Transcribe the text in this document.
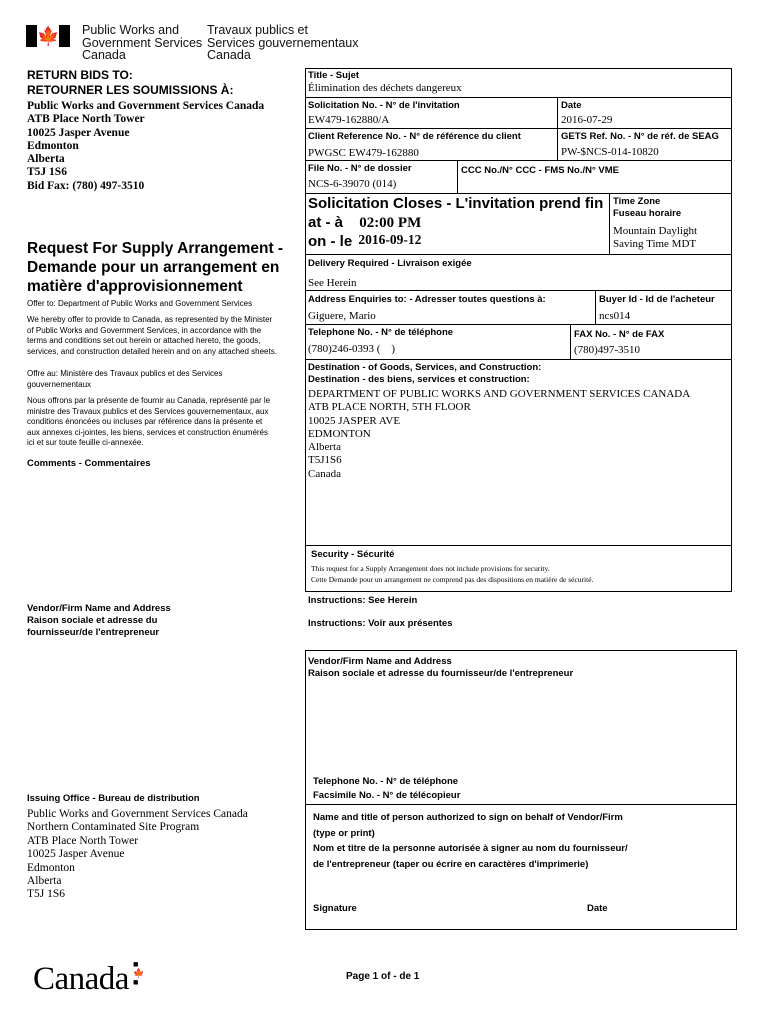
🍁 Public Works and
Government Services
Canada
Travaux publics et
Services gouvernementaux
Canada
RETURN BIDS TO:
RETOURNER LES SOUMISSIONS À:
Public Works and Government Services Canada
ATB Place North Tower
10025 Jasper Avenue
Edmonton
Alberta
T5J 1S6
Bid Fax: (780) 497-3510
Request For Supply Arrangement -
Demande pour un arrangement en
matière d'approvisionnement
Offer to: Department of Public Works and Government Services
We hereby offer to provide to Canada, as represented by the Minister
of Public Works and Government Services, in accordance with the
terms and conditions set out herein or attached hereto, the goods,
services, and construction detailed herein and on any attached sheets.
Offre au: Ministère des Travaux publics et des Services
gouvernementaux
Nous offrons par la présente de fournir au Canada, représenté par le
ministre des Travaux publics et des Services gouvernementaux, aux
conditions énoncées ou incluses par référence dans la présente et
aux annexes ci-jointes, les biens, services et construction énumérés
ici et sur toute feuille ci-annexée.
Comments - Commentaires
Vendor/Firm Name and Address
Raison sociale et adresse du
fournisseur/de l'entrepreneur
Issuing Office - Bureau de distribution
Public Works and Government Services Canada
Northern Contaminated Site Program
ATB Place North Tower
10025 Jasper Avenue
Edmonton
Alberta
T5J 1S6
Title - Sujet
Élimination des déchets dangereux
Solicitation No. - N° de l'invitation
EW479-162880/A
Date
2016-07-29
Client Reference No. - N° de référence du client
PWGSC EW479-162880
GETS Ref. No. - N° de réf. de SEAG
PW-$NCS-014-10820
File No. - N° de dossier
NCS-6-39070 (014)
CCC No./N° CCC - FMS No./N° VME
Solicitation Closes - L'invitation prend fin
at - à 02:00 PM
on - le 2016-09-12
Time Zone
Fuseau horaire
Mountain Daylight
Saving Time MDT
Delivery Required - Livraison exigée
See Herein
Address Enquiries to: - Adresser toutes questions à:
Giguere, Mario
Buyer Id - Id de l'acheteur
ncs014
Telephone No. - N° de téléphone
(780)246-0393 (    )
FAX No. - N° de FAX
(780)497-3510
Destination - of Goods, Services, and Construction:
Destination - des biens, services et construction:
DEPARTMENT OF PUBLIC WORKS AND GOVERNMENT SERVICES CANADA
ATB PLACE NORTH, 5TH FLOOR
10025 JASPER AVE
EDMONTON
Alberta
T5J1S6
Canada
Security - Sécurité
This request for a Supply Arrangement does not include provisions for security.
Cette Demande pour un arrangement ne comprend pas des dispositions en matière de sécurité.
Instructions: See Herein
Instructions: Voir aux présentes
Vendor/Firm Name and Address
Raison sociale et adresse du fournisseur/de l'entrepreneur
Telephone No. - N° de téléphone
Facsimile No. - N° de télécopieur
Name and title of person authorized to sign on behalf of Vendor/Firm
(type or print)
Nom et titre de la personne autorisée à signer au nom du fournisseur/
de l'entrepreneur (taper ou écrire en caractères d'imprimerie)
Signature	Date
Canada ■🍁■	Page 1 of - de 1
